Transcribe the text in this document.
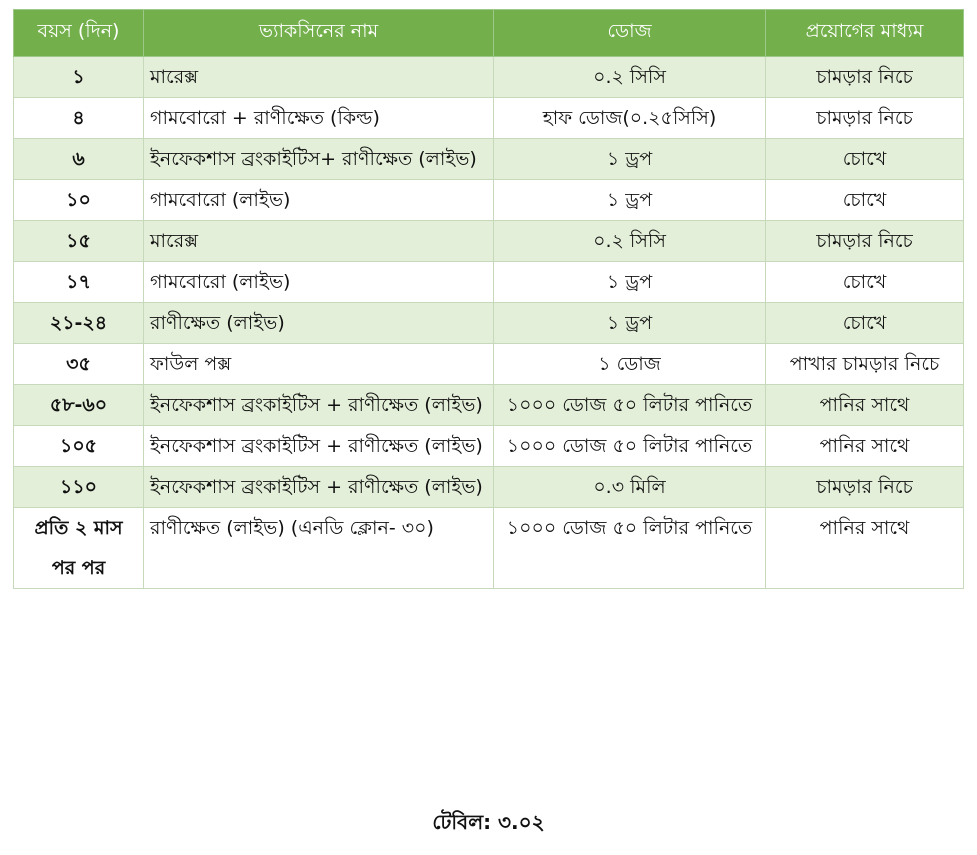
বয়স (দিন)	ভ্যাকসিনের নাম	ডোজ	প্রয়োগের মাধ্যম
১	মারেক্স	০.২ সিসি	চামড়ার নিচে
৪	গামবোরো + রাণীক্ষেত (কিল্ড)	হাফ ডোজ(০.২৫সিসি)	চামড়ার নিচে
৬	ইনফেকশাস ব্রংকাইটিস+ রাণীক্ষেত (লাইভ)	১ ড্রপ	চোখে
১০	গামবোরো (লাইভ)	১ ড্রপ	চোখে
১৫	মারেক্স	০.২ সিসি	চামড়ার নিচে
১৭	গামবোরো (লাইভ)	১ ড্রপ	চোখে
২১-২৪	রাণীক্ষেত (লাইভ)	১ ড্রপ	চোখে
৩৫	ফাউল পক্স	১ ডোজ	পাখার চামড়ার নিচে
৫৮-৬০	ইনফেকশাস ব্রংকাইটিস + রাণীক্ষেত (লাইভ)	১০০০ ডোজ ৫০ লিটার পানিতে	পানির সাথে
১০৫	ইনফেকশাস ব্রংকাইটিস + রাণীক্ষেত (লাইভ)	১০০০ ডোজ ৫০ লিটার পানিতে	পানির সাথে
১১০	ইনফেকশাস ব্রংকাইটিস + রাণীক্ষেত (লাইভ)	০.৩ মিলি	চামড়ার নিচে
প্রতি ২ মাস পর পর	রাণীক্ষেত (লাইভ) (এনডি ক্লোন- ৩০)	১০০০ ডোজ ৫০ লিটার পানিতে	পানির সাথে
টেবিল: ৩.০২
